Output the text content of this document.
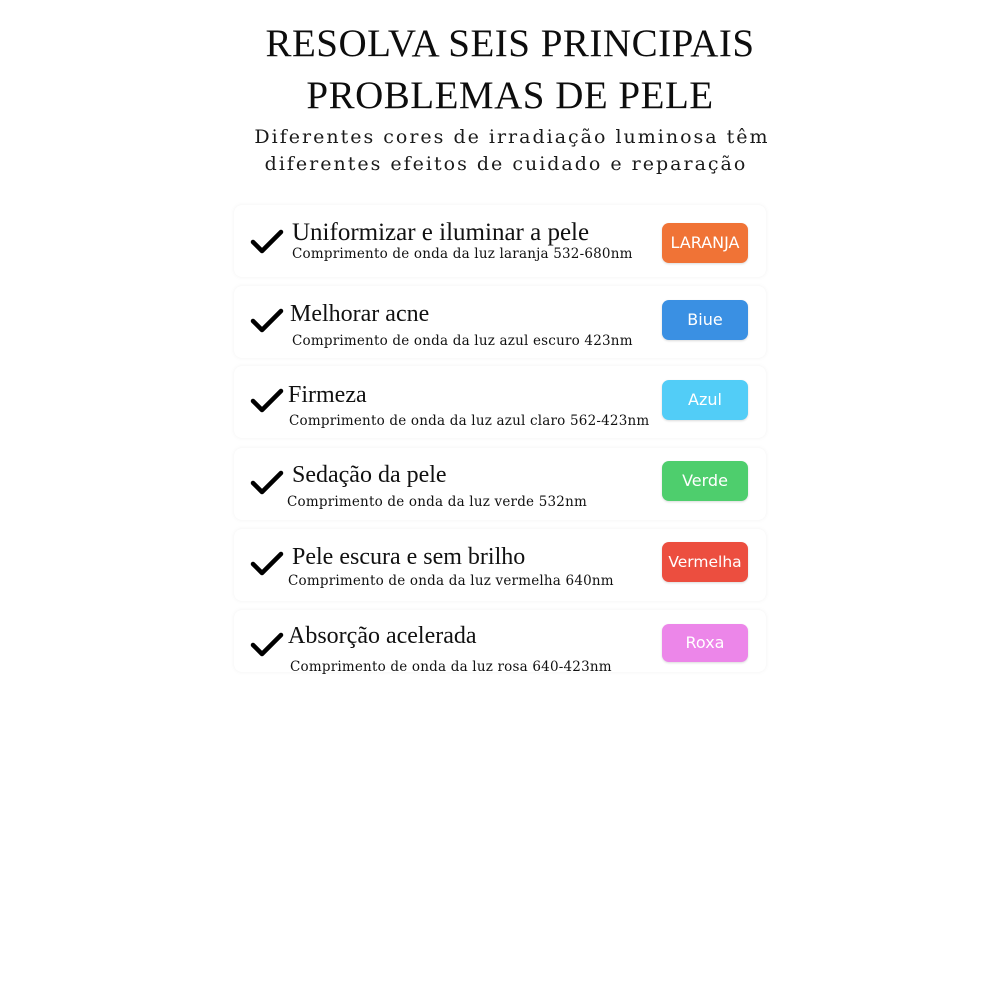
RESOLVA SEIS PRINCIPAIS
PROBLEMAS DE PELE
Diferentes cores de irradiação luminosa têm
diferentes efeitos de cuidado e reparação
Uniformizar e iluminar a pele
Comprimento de onda da luz laranja 532-680nm
LARANJA
Melhorar acne
Comprimento de onda da luz azul escuro 423nm
Biue
Firmeza
Comprimento de onda da luz azul claro 562-423nm
Azul
Sedação da pele
Comprimento de onda da luz verde 532nm
Verde
Pele escura e sem brilho
Comprimento de onda da luz vermelha 640nm
Vermelha
Absorção acelerada
Comprimento de onda da luz rosa 640-423nm
Roxa
